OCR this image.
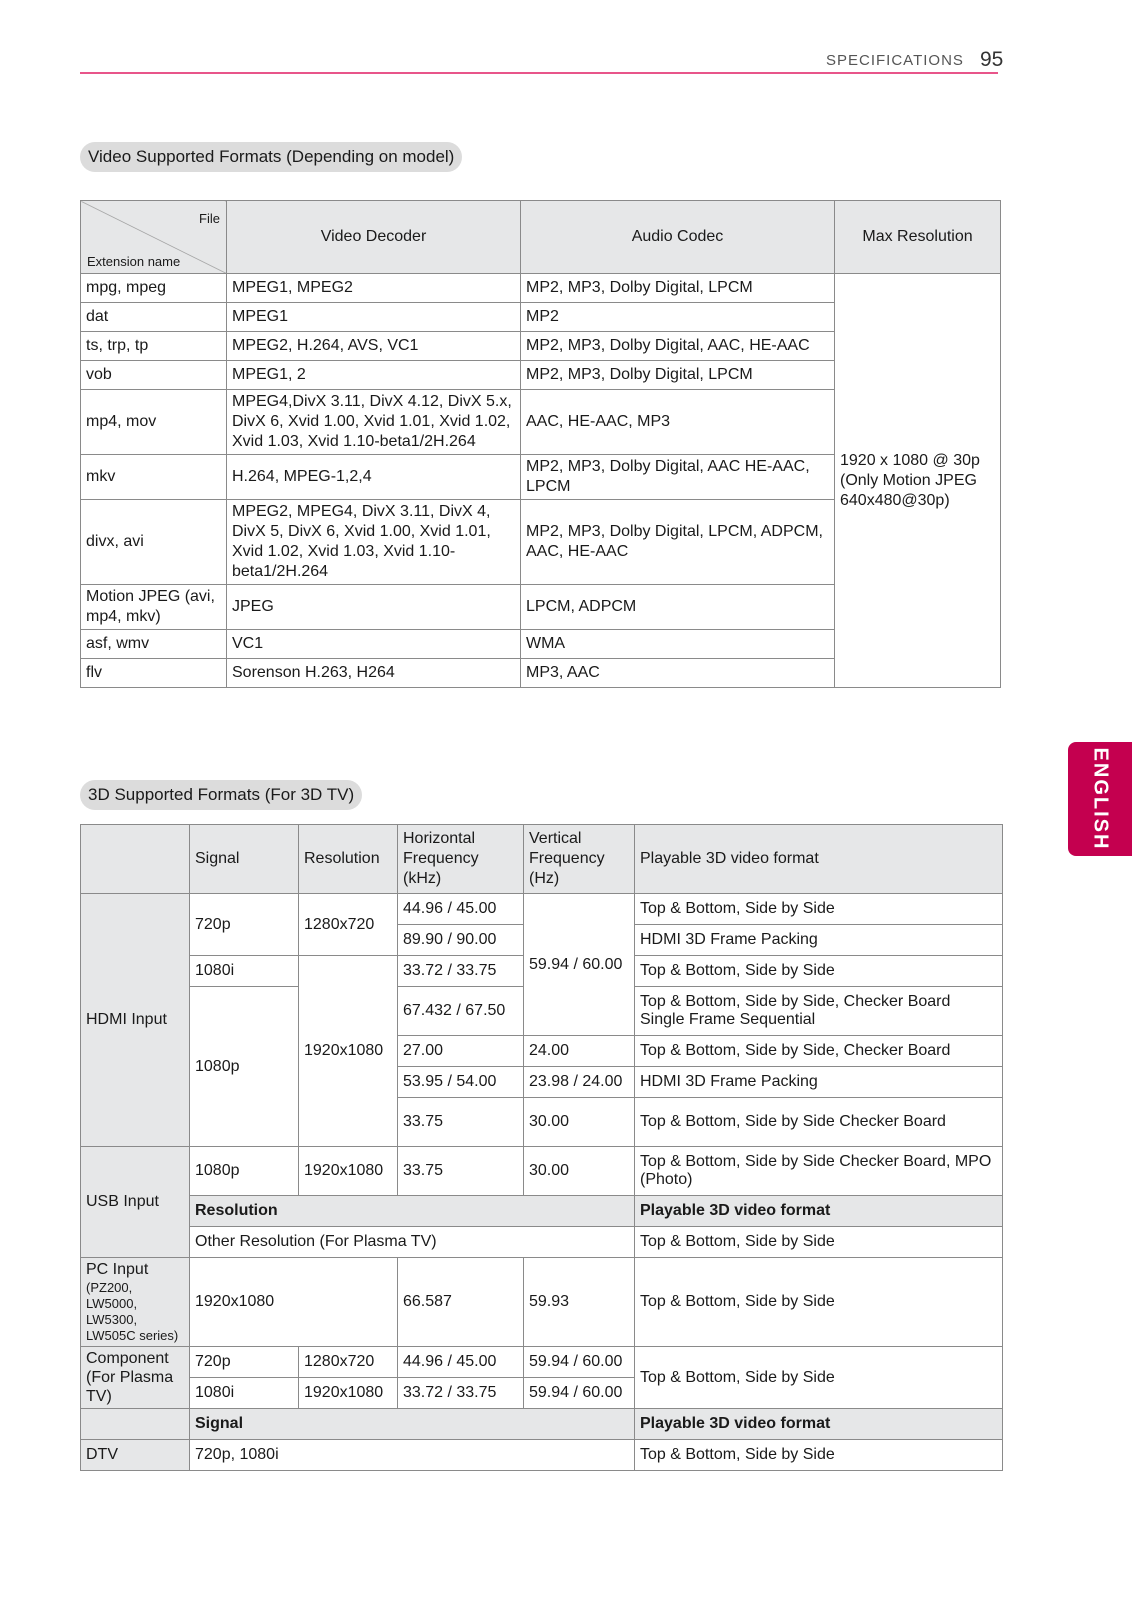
SPECIFICATIONS 95
ENGLISH
Video Supported Formats (Depending on model)
File
Extension name	Video Decoder	Audio Codec	Max Resolution
mpg, mpeg	MPEG1, MPEG2	MP2, MP3, Dolby Digital, LPCM	1920 x 1080 @ 30p (Only Motion JPEG 640x480@30p)
dat	MPEG1	MP2	
ts, trp, tp	MPEG2, H.264, AVS, VC1	MP2, MP3, Dolby Digital, AAC, HE-AAC	
vob	MPEG1, 2	MP2, MP3, Dolby Digital, LPCM	
mp4, mov	MPEG4,DivX 3.11, DivX 4.12, DivX 5.x, DivX 6, Xvid 1.00, Xvid 1.01, Xvid 1.02, Xvid 1.03, Xvid 1.10-beta1/2H.264	AAC, HE-AAC, MP3	
mkv	H.264, MPEG-1,2,4	MP2, MP3, Dolby Digital, AAC HE-AAC, LPCM	
divx, avi	MPEG2, MPEG4, DivX 3.11, DivX 4, DivX 5, DivX 6, Xvid 1.00, Xvid 1.01, Xvid 1.02, Xvid 1.03, Xvid 1.10-beta1/2H.264	MP2, MP3, Dolby Digital, LPCM, ADPCM, AAC, HE-AAC	
Motion JPEG (avi, mp4, mkv)	JPEG	LPCM, ADPCM	
asf, wmv	VC1	WMA	
flv	Sorenson H.263, H264	MP3, AAC	
3D Supported Formats (For 3D TV)
	Signal	Resolution	Horizontal Frequency (kHz)	Vertical Frequency (Hz)	Playable 3D video format
HDMI Input	720p	1280x720	44.96 / 45.00	59.94 / 60.00	Top & Bottom, Side by Side
			89.90 / 90.00		HDMI 3D Frame Packing
	1080i	1920x1080	33.72 / 33.75		Top & Bottom, Side by Side
	1080p		67.432 / 67.50		Top & Bottom, Side by Side, Checker Board Single Frame Sequential
			27.00	24.00	Top & Bottom, Side by Side, Checker Board
			53.95 / 54.00	23.98 / 24.00	HDMI 3D Frame Packing
			33.75	30.00	Top & Bottom, Side by Side Checker Board
USB Input	1080p	1920x1080	33.75	30.00	Top & Bottom, Side by Side Checker Board, MPO (Photo)
	Resolution				Playable 3D video format
	Other Resolution (For Plasma TV)				Top & Bottom, Side by Side

PC Input
(PZ200, LW5000, LW5300, LW505C series)	1920x1080		66.587	59.93	Top & Bottom, Side by Side
Component (For Plasma TV)	720p	1280x720	44.96 / 45.00	59.94 / 60.00	Top & Bottom, Side by Side
	1080i	1920x1080	33.72 / 33.75	59.94 / 60.00	
	Signal				Playable 3D video format
DTV	720p, 1080i				Top & Bottom, Side by Side
